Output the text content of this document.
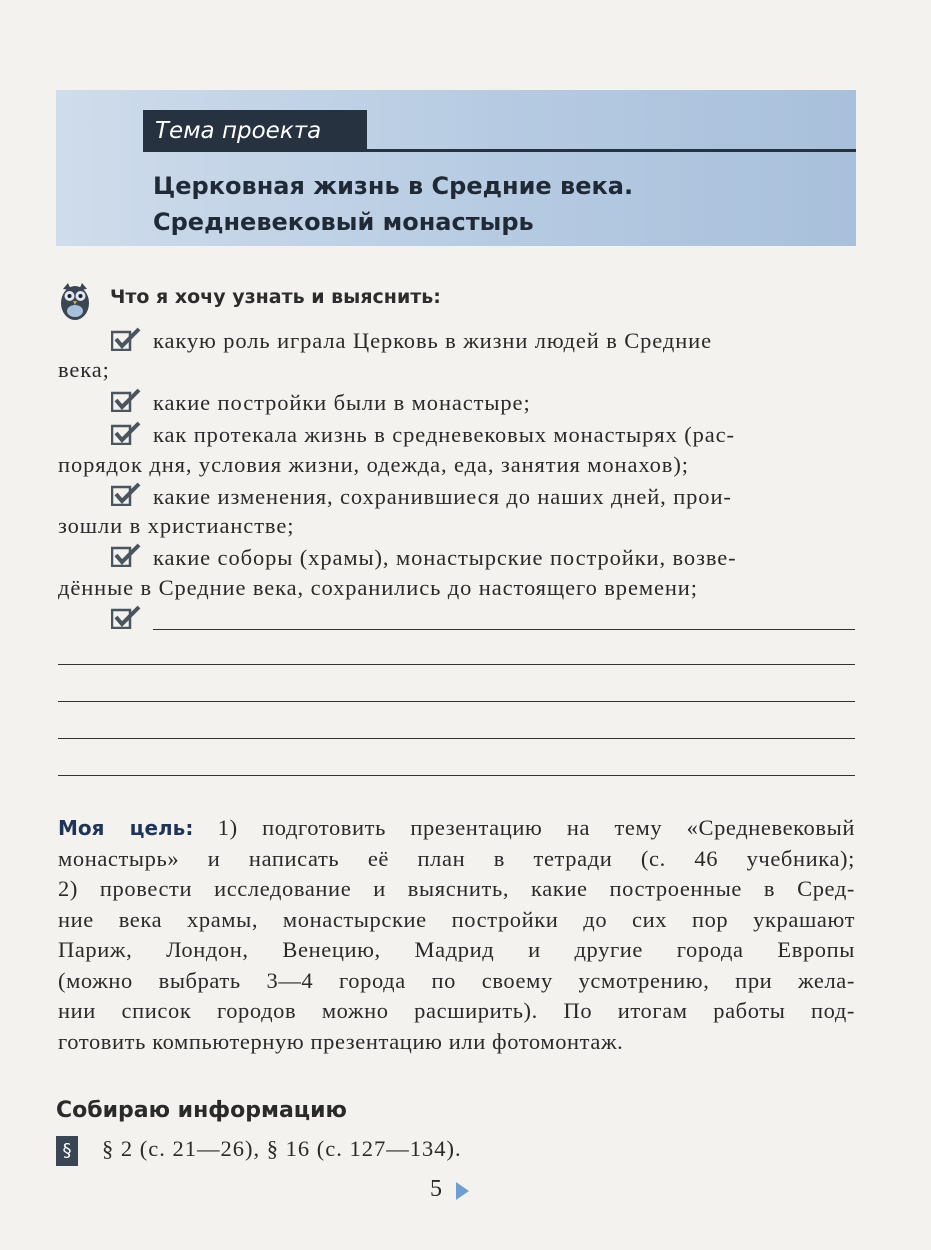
Тема проекта
Церковная жизнь в Средние века.
Средневековый монастырь
Что я хочу узнать и выяснить:
какую роль играла Церковь в жизни людей в Средние
века;
какие постройки были в монастыре;
как протекала жизнь в средневековых монастырях (рас-
порядок дня, условия жизни, одежда, еда, занятия монахов);
какие изменения, сохранившиеся до наших дней, прои-
зошли в христианстве;
какие соборы (храмы), монастырские постройки, возве-
дённые в Средние века, сохранились до настоящего времени;
Моя цель: 1) подготовить презентацию на тему «Средневековый
монастырь» и написать её план в тетради (с. 46 учебника);
2) провести исследование и выяснить, какие построенные в Сред-
ние века храмы, монастырские постройки до сих пор украшают
Париж, Лондон, Венецию, Мадрид и другие города Европы
(можно выбрать 3—4 города по своему усмотрению, при жела-
нии список городов можно расширить). По итогам работы под-
готовить компьютерную презентацию или фотомонтаж.
Собираю информацию
§ § 2 (с. 21—26), § 16 (с. 127—134).
5
